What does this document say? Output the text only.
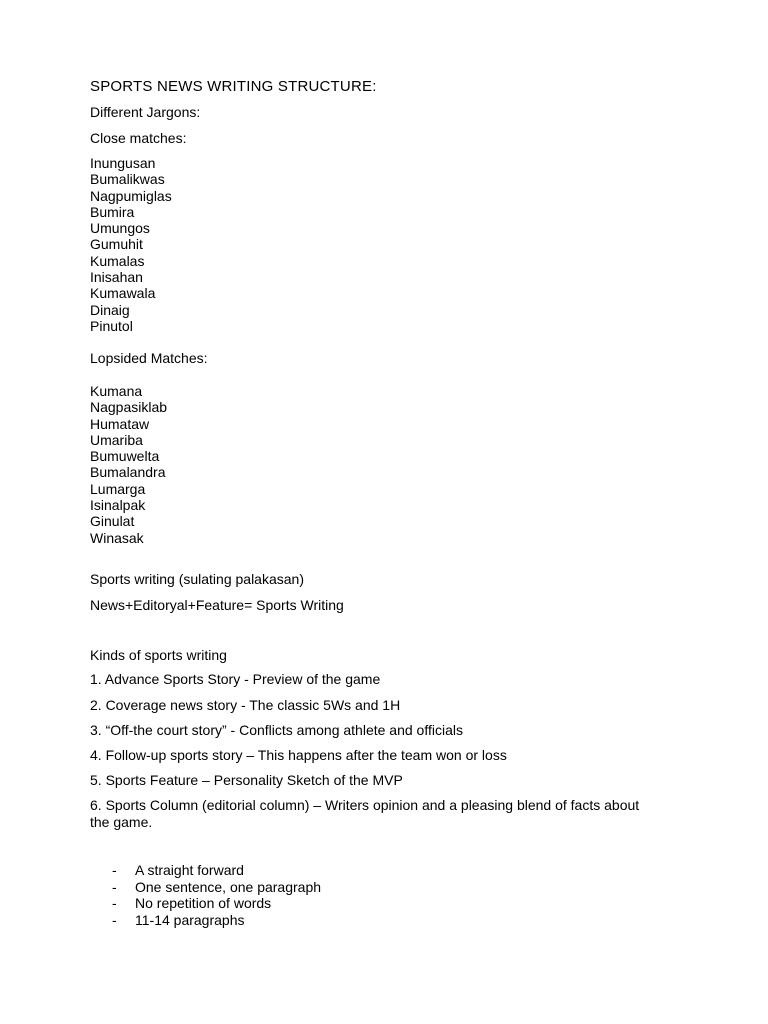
SPORTS NEWS WRITING STRUCTURE:
Different Jargons:
Close matches:
Inungusan
Bumalikwas
Nagpumiglas
Bumira
Umungos
Gumuhit
Kumalas
Inisahan
Kumawala
Dinaig
Pinutol
Lopsided Matches:
Kumana
Nagpasiklab
Humataw
Umariba
Bumuwelta
Bumalandra
Lumarga
Isinalpak
Ginulat
Winasak
Sports writing (sulating palakasan)
News+Editoryal+Feature= Sports Writing
Kinds of sports writing
1. Advance Sports Story - Preview of the game
2. Coverage news story - The classic 5Ws and 1H
3. “Off-the court story” - Conflicts among athlete and officials
4. Follow-up sports story – This happens after the team won or loss
5. Sports Feature – Personality Sketch of the MVP
6. Sports Column (editorial column) – Writers opinion and a pleasing blend of facts about the game.
- A straight forward
- One sentence, one paragraph
- No repetition of words
- 11-14 paragraphs
